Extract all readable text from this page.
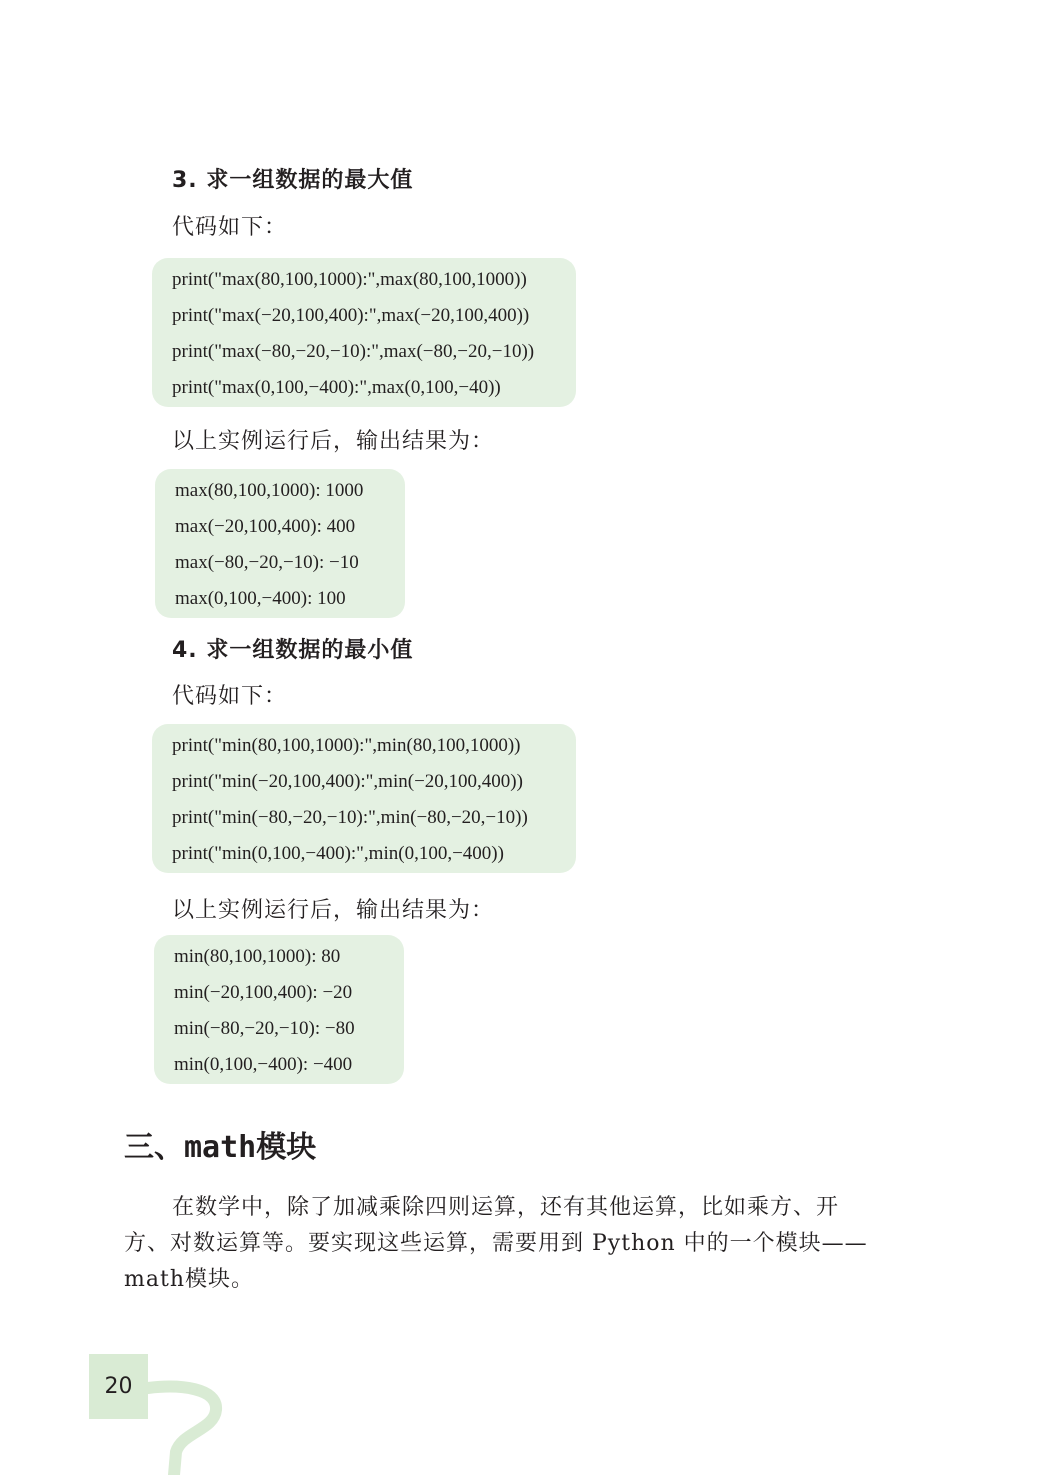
3. 求一组数据的最大值
代码如下：
print("max(80,100,1000):",max(80,100,1000))
print("max(−20,100,400):",max(−20,100,400))
print("max(−80,−20,−10):",max(−80,−20,−10))
print("max(0,100,−400):",max(0,100,−40))
以上实例运行后，输出结果为：
max(80,100,1000): 1000
max(−20,100,400): 400
max(−80,−20,−10): −10
max(0,100,−400): 100
4. 求一组数据的最小值
代码如下：
print("min(80,100,1000):",min(80,100,1000))
print("min(−20,100,400):",min(−20,100,400))
print("min(−80,−20,−10):",min(−80,−20,−10))
print("min(0,100,−400):",min(0,100,−400))
以上实例运行后，输出结果为：
min(80,100,1000): 80
min(−20,100,400): −20
min(−80,−20,−10): −80
min(0,100,−400): −400
三、math模块
在数学中，除了加减乘除四则运算，还有其他运算，比如乘方、开
方、对数运算等。要实现这些运算，需要用到 Python 中的一个模块——
math模块。
20
